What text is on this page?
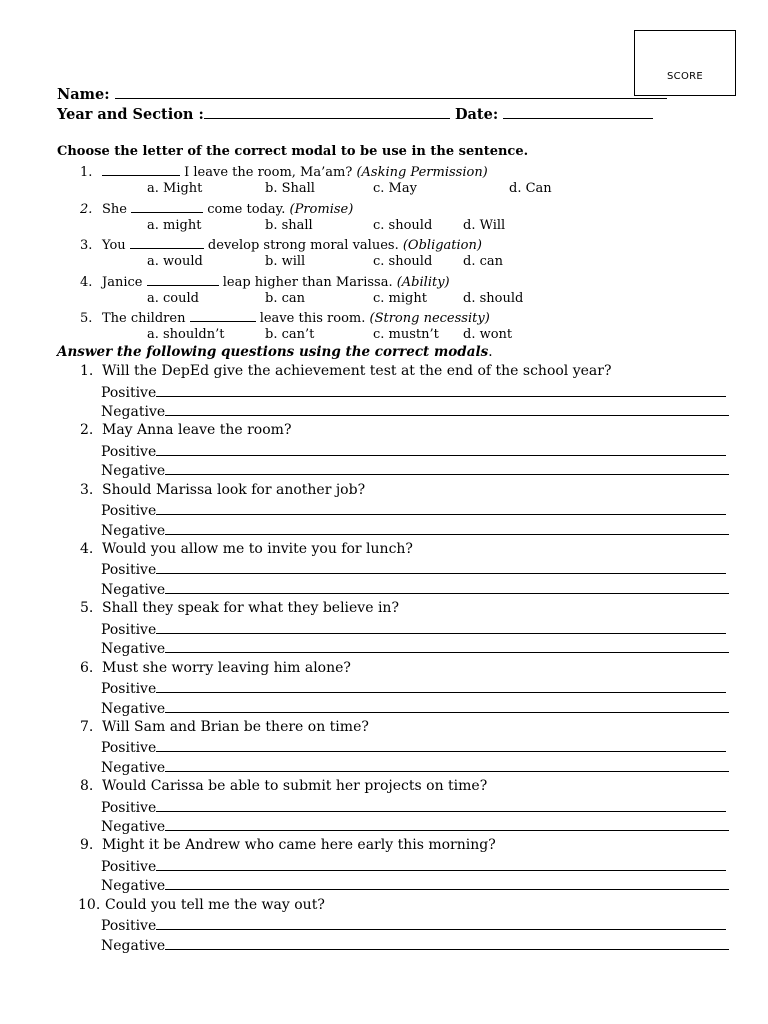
SCORE
Name:
Year and Section :	Date:
Choose the letter of the correct modal to be use in the sentence.
1.	I leave the room, Ma’am? (Asking Permission)
a. Might	b. Shall	c. May	d. Can
2. She	come today. (Promise)
a. might	b. shall	c. should d. Will
3. You	develop strong moral values. (Obligation)
a. would	b. will	c. should d. can
4. Janice	leap higher than Marissa. (Ability)
a. could	b. can	c. might	d. should
5. The children	leave this room. (Strong necessity)
a. shouldn’t	b. can’t	c. mustn’t d. wont
Answer the following questions using the correct modals.
1. Will the DepEd give the achievement test at the end of the school year?
Positive
Negative
2. May Anna leave the room?
Positive
Negative
3. Should Marissa look for another job?
Positive
Negative
4. Would you allow me to invite you for lunch?
Positive
Negative
5. Shall they speak for what they believe in?
Positive
Negative
6. Must she worry leaving him alone?
Positive
Negative
7. Will Sam and Brian be there on time?
Positive
Negative
8. Would Carissa be able to submit her projects on time?
Positive
Negative
9. Might it be Andrew who came here early this morning?
Positive
Negative
10. Could you tell me the way out?
Positive
Negative
